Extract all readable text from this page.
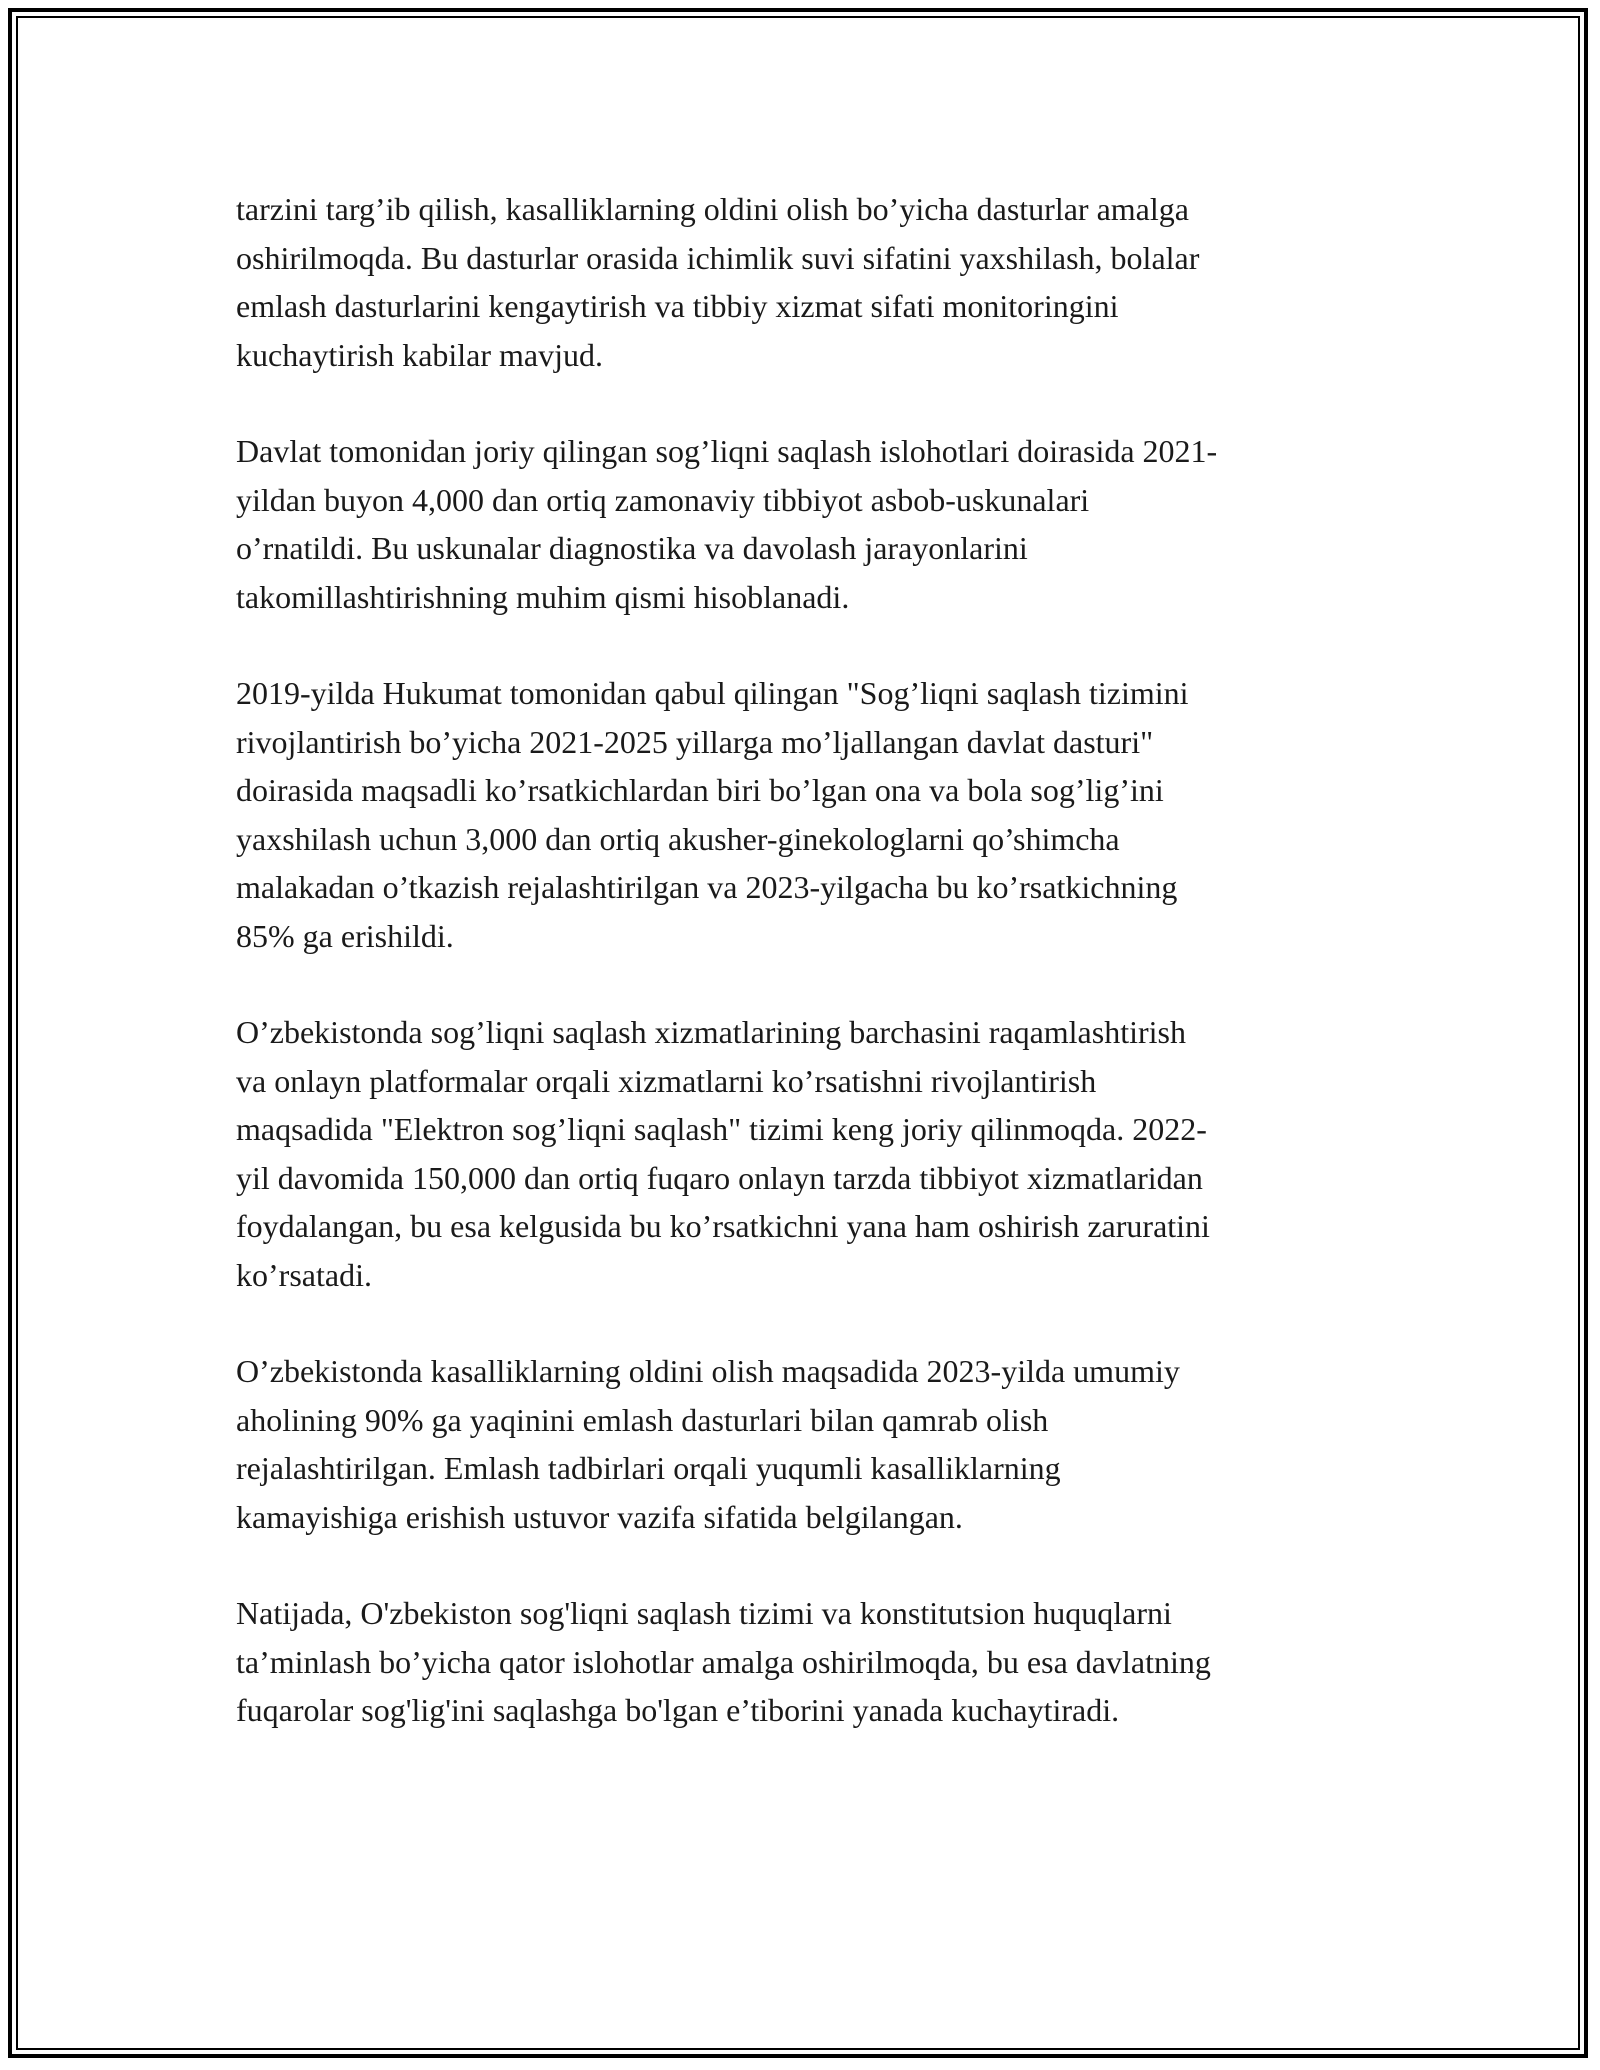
tarzini targ’ib qilish, kasalliklarning oldini olish bo’yicha dasturlar amalga
oshirilmoqda. Bu dasturlar orasida ichimlik suvi sifatini yaxshilash, bolalar
emlash dasturlarini kengaytirish va tibbiy xizmat sifati monitoringini
kuchaytirish kabilar mavjud.

Davlat tomonidan joriy qilingan sog’liqni saqlash islohotlari doirasida 2021-
yildan buyon 4,000 dan ortiq zamonaviy tibbiyot asbob-uskunalari
o’rnatildi. Bu uskunalar diagnostika va davolash jarayonlarini
takomillashtirishning muhim qismi hisoblanadi.

2019-yilda Hukumat tomonidan qabul qilingan "Sog’liqni saqlash tizimini
rivojlantirish bo’yicha 2021-2025 yillarga mo’ljallangan davlat dasturi"
doirasida maqsadli ko’rsatkichlardan biri bo’lgan ona va bola sog’lig’ini
yaxshilash uchun 3,000 dan ortiq akusher-ginekologlarni qo’shimcha
malakadan o’tkazish rejalashtirilgan va 2023-yilgacha bu ko’rsatkichning
85% ga erishildi.

O’zbekistonda sog’liqni saqlash xizmatlarining barchasini raqamlashtirish
va onlayn platformalar orqali xizmatlarni ko’rsatishni rivojlantirish
maqsadida "Elektron sog’liqni saqlash" tizimi keng joriy qilinmoqda. 2022-
yil davomida 150,000 dan ortiq fuqaro onlayn tarzda tibbiyot xizmatlaridan
foydalangan, bu esa kelgusida bu ko’rsatkichni yana ham oshirish zaruratini
ko’rsatadi.

O’zbekistonda kasalliklarning oldini olish maqsadida 2023-yilda umumiy
aholining 90% ga yaqinini emlash dasturlari bilan qamrab olish
rejalashtirilgan. Emlash tadbirlari orqali yuqumli kasalliklarning
kamayishiga erishish ustuvor vazifa sifatida belgilangan.

Natijada, O'zbekiston sog'liqni saqlash tizimi va konstitutsion huquqlarni
ta’minlash bo’yicha qator islohotlar amalga oshirilmoqda, bu esa davlatning
fuqarolar sog'lig'ini saqlashga bo'lgan e’tiborini yanada kuchaytiradi.
